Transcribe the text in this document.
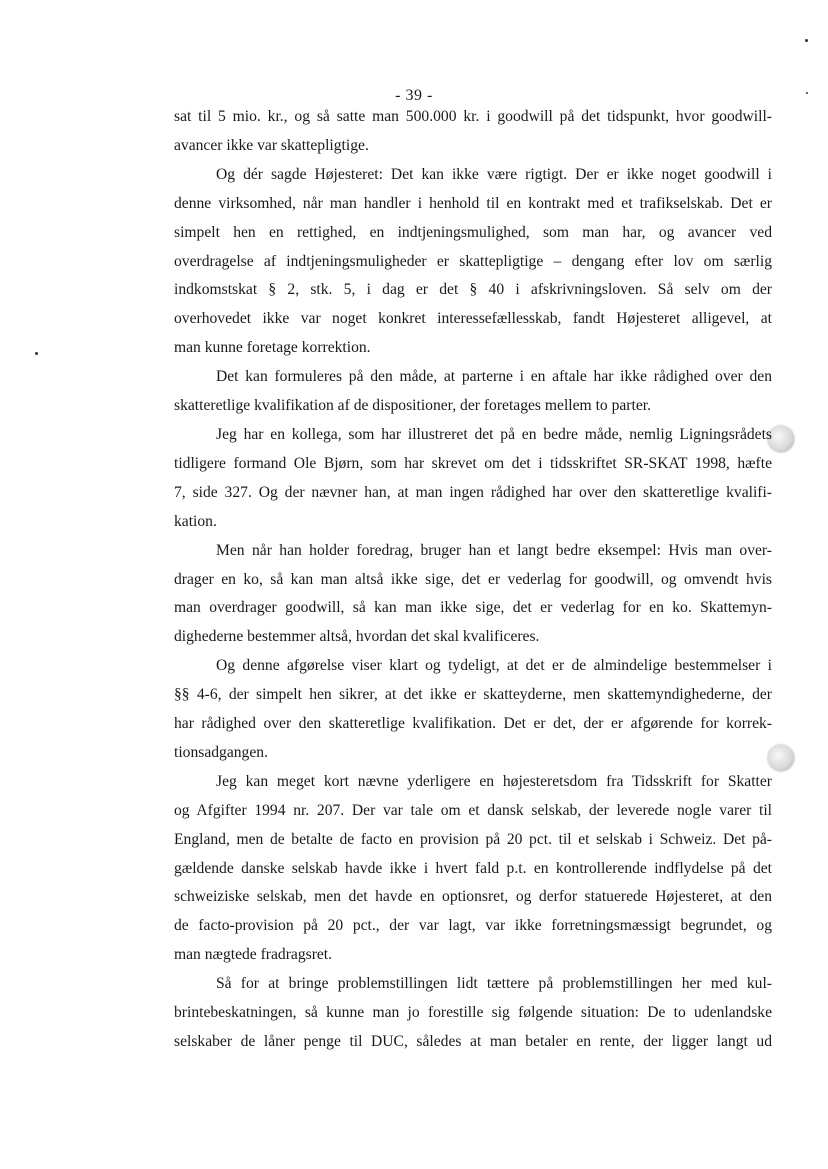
- 39 -
sat til 5 mio. kr., og så satte man 500.000 kr. i goodwill på det tidspunkt, hvor goodwill-
avancer ikke var skattepligtige.
Og dér sagde Højesteret: Det kan ikke være rigtigt. Der er ikke noget goodwill i
denne virksomhed, når man handler i henhold til en kontrakt med et trafikselskab. Det er
simpelt hen en rettighed, en indtjeningsmulighed, som man har, og avancer ved
overdragelse af indtjeningsmuligheder er skattepligtige – dengang efter lov om særlig
indkomstskat § 2, stk. 5, i dag er det § 40 i afskrivningsloven. Så selv om der
overhovedet ikke var noget konkret interessefællesskab, fandt Højesteret alligevel, at
man kunne foretage korrektion.
Det kan formuleres på den måde, at parterne i en aftale har ikke rådighed over den
skatteretlige kvalifikation af de dispositioner, der foretages mellem to parter.
Jeg har en kollega, som har illustreret det på en bedre måde, nemlig Ligningsrådets
tidligere formand Ole Bjørn, som har skrevet om det i tidsskriftet SR-SKAT 1998, hæfte
7, side 327. Og der nævner han, at man ingen rådighed har over den skatteretlige kvalifi-
kation.
Men når han holder foredrag, bruger han et langt bedre eksempel: Hvis man over-
drager en ko, så kan man altså ikke sige, det er vederlag for goodwill, og omvendt hvis
man overdrager goodwill, så kan man ikke sige, det er vederlag for en ko. Skattemyn-
dighederne bestemmer altså, hvordan det skal kvalificeres.
Og denne afgørelse viser klart og tydeligt, at det er de almindelige bestemmelser i
§§ 4-6, der simpelt hen sikrer, at det ikke er skatteyderne, men skattemyndighederne, der
har rådighed over den skatteretlige kvalifikation. Det er det, der er afgørende for korrek-
tionsadgangen.
Jeg kan meget kort nævne yderligere en højesteretsdom fra Tidsskrift for Skatter
og Afgifter 1994 nr. 207. Der var tale om et dansk selskab, der leverede nogle varer til
England, men de betalte de facto en provision på 20 pct. til et selskab i Schweiz. Det på-
gældende danske selskab havde ikke i hvert fald p.t. en kontrollerende indflydelse på det
schweiziske selskab, men det havde en optionsret, og derfor statuerede Højesteret, at den
de facto-provision på 20 pct., der var lagt, var ikke forretningsmæssigt begrundet, og
man nægtede fradragsret.
Så for at bringe problemstillingen lidt tættere på problemstillingen her med kul-
brintebeskatningen, så kunne man jo forestille sig følgende situation: De to udenlandske
selskaber de låner penge til DUC, således at man betaler en rente, der ligger langt ud
